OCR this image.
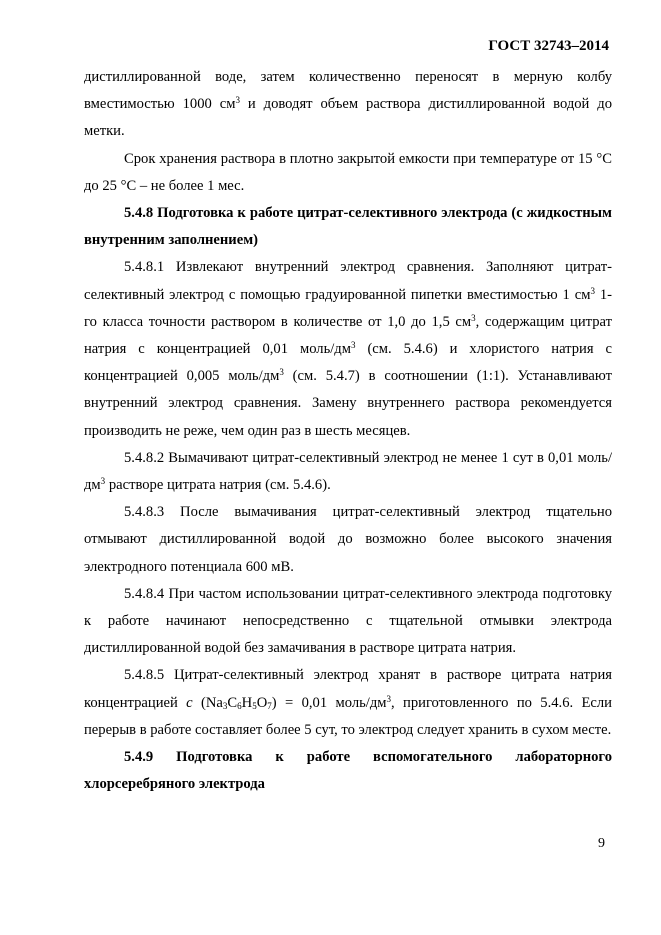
ГОСТ 32743–2014

дистиллированной воде, затем количественно переносят в мерную колбу вместимостью 1000 $см^3$ и доводят объем раствора дистиллированной водой до метки.

Срок хранения раствора в плотно закрытой емкости при температуре от 15 °С до 25 °С – не более 1 мес.

5.4.8 Подготовка к работе цитрат-селективного электрода (с жидкостным внутренним заполнением)

5.4.8.1 Извлекают внутренний электрод сравнения. Заполняют цитрат-селективный электрод с помощью градуированной пипетки вместимостью 1 $см^3$ 1-го класса точности раствором в количестве от 1,0 до 1,5 $см^3$, содержащим цитрат натрия с концентрацией 0,01 моль/$дм^3$ (см. 5.4.6) и хлористого натрия с концентрацией 0,005 моль/$дм^3$ (см. 5.4.7) в соотношении (1:1). Устанавливают внутренний электрод сравнения. Замену внутреннего раствора рекомендуется производить не реже, чем один раз в шесть месяцев.

5.4.8.2 Вымачивают цитрат-селективный электрод не менее 1 сут в 0,01 моль/$дм^3$ растворе цитрата натрия (см. 5.4.6).

5.4.8.3 После вымачивания цитрат-селективный электрод тщательно отмывают дистиллированной водой до возможно более высокого значения электродного потенциала 600 мВ.

5.4.8.4 При частом использовании цитрат-селективного электрода подготовку к работе начинают непосредственно с тщательной отмывки электрода дистиллированной водой без замачивания в растворе цитрата натрия.

5.4.8.5 Цитрат-селективный электрод хранят в растворе цитрата натрия концентрацией c $(Na_3C_6H_5O_7) = 0,01$ моль/$дм^3$, приготовленного по 5.4.6. Если перерыв в работе составляет более 5 сут, то электрод следует хранить в сухом месте.

5.4.9 Подготовка к работе вспомогательного лабораторного хлорсеребряного электрода

9
